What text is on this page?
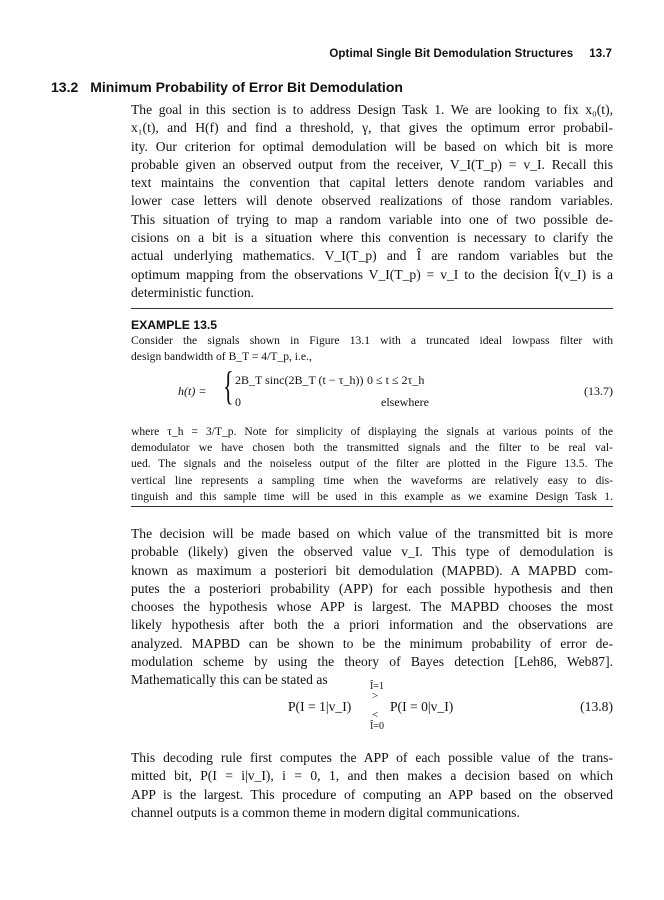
Optimal Single Bit Demodulation Structures 13.7
13.2 Minimum Probability of Error Bit Demodulation
The goal in this section is to address Design Task 1. We are looking to fix x₀(t),
x₁(t), and H(f) and find a threshold, γ, that gives the optimum error probabil-
ity. Our criterion for optimal demodulation will be based on which bit is more
probable given an observed output from the receiver, V_I(T_p) = v_I. Recall this
text maintains the convention that capital letters denote random variables and
lower case letters will denote observed realizations of those random variables.
This situation of trying to map a random variable into one of two possible de-
cisions on a bit is a situation where this convention is necessary to clarify the
actual underlying mathematics. V_I(T_p) and Î are random variables but the
optimum mapping from the observations V_I(T_p) = v_I to the decision Î(v_I) is a
deterministic function.
EXAMPLE 13.5
Consider the signals shown in Figure 13.1 with a truncated ideal lowpass filter with
design bandwidth of B_T = 4/T_p, i.e.,
h(t) = { 2B_T sinc(2B_T (t − τ_h)) 0 ≤ t ≤ 2τ_h
0	elsewhere
(13.7)
where τ_h = 3/T_p. Note for simplicity of displaying the signals at various points of the
demodulator we have chosen both the transmitted signals and the filter to be real val-
ued. The signals and the noiseless output of the filter are plotted in the Figure 13.5. The
vertical line represents a sampling time when the waveforms are relatively easy to dis-
tinguish and this sample time will be used in this example as we examine Design Task 1.
The decision will be made based on which value of the transmitted bit is more
probable (likely) given the observed value v_I. This type of demodulation is
known as maximum a posteriori bit demodulation (MAPBD). A MAPBD com-
putes the a posteriori probability (APP) for each possible hypothesis and then
chooses the hypothesis whose APP is largest. The MAPBD chooses the most
likely hypothesis after both the a priori information and the observations are
analyzed. MAPBD can be shown to be the minimum probability of error de-
modulation scheme by using the theory of Bayes detection [Leh86, Web87].
Mathematically this can be stated as	Î=1
>
P(I = 1|v_I)
<
P(I = 0|v_I)
Î=0
(13.8)
This decoding rule first computes the APP of each possible value of the trans-
mitted bit, P(I = i|v_I), i = 0, 1, and then makes a decision based on which
APP is the largest. This procedure of computing an APP based on the observed
channel outputs is a common theme in modern digital communications.
